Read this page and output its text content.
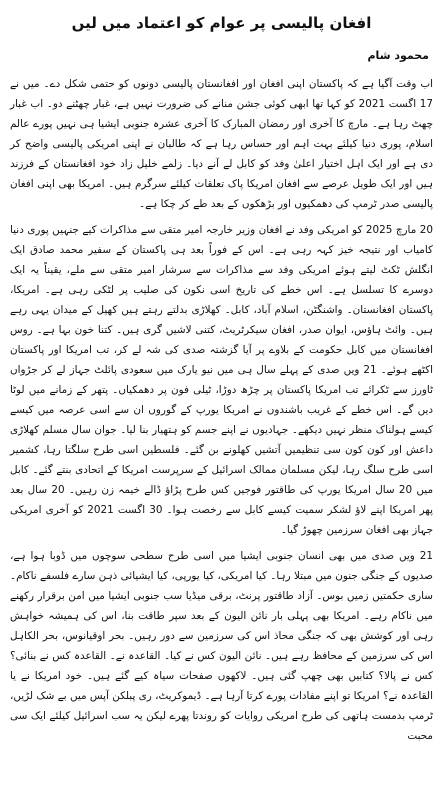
افغان پالیسی پر عوام کو اعتماد میں لیں
محمود شام

اب وقت آگیا ہے کہ پاکستان اپنی افغان اور افغانستان پالیسی دونوں کو حتمی شکل دے۔ میں نے 17 اگست 2021 کو کہا تھا ابھی کوئی جشن منانے کی ضرورت نہیں ہے، غبار چھٹنے دو۔ اب غبار چھٹ رہا ہے۔ مارچ کا آخری اور رمضان المبارک کا آخری عشرہ جنوبی ایشیا ہی نہیں پورے عالم اسلام، پوری دنیا کیلئے بہت اہم اور حساس رہا ہے کہ طالبان نے اپنی امریکی پالیسی واضح کر دی ہے اور ایک اہل اختیار اعلیٰ وفد کو کابل لے آنے دیا۔ زلمے خلیل زاد خود افغانستان کے فرزند ہیں اور ایک طویل عرصے سے افغان امریکا پاک تعلقات کیلئے سرگرم ہیں۔ امریکا بھی اپنی افغان پالیسی صدر ٹرمپ کی دھمکیوں اور بڑھکوں کے بعد طے کر چکا ہے۔

20 مارچ 2025 کو امریکی وفد نے افغان وزیر خارجہ امیر متقی سے مذاکرات کیے جنہیں پوری دنیا کامیاب اور نتیجہ خیز کہہ رہی ہے۔ اس کے فوراً بعد ہی پاکستان کے سفیر محمد صادق ایک انگلش ٹکٹ لیتے ہوئے امریکی وفد سے مذاکرات سے سرشار امیر متقی سے ملے، یقیناً یہ ایک دوسرے کا تسلسل ہے۔ اس خطے کی تاریخ اسی نکون کی صلیب پر لٹکی رہی ہے۔ امریکا، پاکستان افغانستان۔ واشنگٹن، اسلام آباد، کابل۔ کھلاڑی بدلتے رہتے ہیں کھیل کے میدان یہی رہے ہیں۔ وائٹ ہاؤس، ایوان صدر، افغان سیکرٹریٹ، کتنی لاشیں گری ہیں۔ کتنا خون بہا ہے۔ روس افغانستان میں کابل حکومت کے بلاوے پر آیا گزشتہ صدی کی شہ لے کر، تب امریکا اور پاکستان اکٹھے ہوئے۔ 21 ویں صدی کے پہلے سال ہی میں نیو یارک میں سعودی پائلٹ جہاز لے کر جڑواں ٹاورز سے ٹکرائے تب امریکا پاکستان پر چڑھ دوڑا، ٹیلی فون پر دھمکیاں۔ پتھر کے زمانے میں لوٹا دیں گے۔ اس خطے کے غریب باشندوں نے امریکا یورپ کے گوروں ان سے اسی عرصہ میں کیسے کیسے ہولناک منظر نہیں دیکھے۔ جہادیوں نے اپنے جسم کو ہتھیار بنا لیا۔ جوان سال مسلم کھلاڑی داعش اور کون کون سی تنظیمیں آتشیں کھلونے بن گئے۔ فلسطین اسی طرح سلگتا رہا، کشمیر اسی طرح سلگ رہا، لیکن مسلمان ممالک اسرائیل کے سرپرست امریکا کے اتحادی بنتے گئے۔ کابل میں 20 سال امریکا یورپ کی طاقتور فوجیں کس طرح پڑاؤ ڈالے خیمہ زن رہیں۔ 20 سال بعد پھر امریکا اپنے لاؤ لشکر سمیت کیسے کابل سے رخصت ہوا۔ 30 اگست 2021 کو آخری امریکی جہاز بھی افغان سرزمین چھوڑ گیا۔

21 ویں صدی میں بھی انسان جنوبی ایشیا میں اسی طرح سطحی سوچوں میں ڈوبا ہوا ہے، صدیوں کے جنگی جنون میں مبتلا رہا۔ کیا امریکی، کیا یورپی، کیا ایشیائی ذہن سارے فلسفے ناکام۔ ساری حکمتیں زمیں بوس۔ آزاد طاقتور پرنٹ، برقی میڈیا سب جنوبی ایشیا میں امن برقرار رکھنے میں ناکام رہے۔ امریکا بھی پہلی بار نائن الیون کے بعد سپر طاقت بنا، اس کی ہمیشہ خواہش رہی اور کوشش بھی کہ جنگی محاذ اس کی سرزمین سے دور رہیں۔ بحر اوقیانوس، بحر الکاہل اس کی سرزمین کے محافظ رہے ہیں۔ نائن الیون کس نے کیا۔ القاعدہ نے۔ القاعدہ کس نے بنائی؟ کس نے پالا؟ کتابیں بھی چھپ گئی ہیں۔ لاکھوں صفحات سیاہ کیے گئے ہیں۔ خود امریکا نے یا القاعدہ نے؟ امریکا تو اپنے مفادات پورے کرتا آرہا ہے۔ ڈیموکریٹ، ری پبلکن آپس میں بے شک لڑیں، ٹرمپ بدمست ہاتھی کی طرح امریکی روایات کو روندتا پھرے لیکن یہ سب اسرائیل کیلئے ایک سی محبت
